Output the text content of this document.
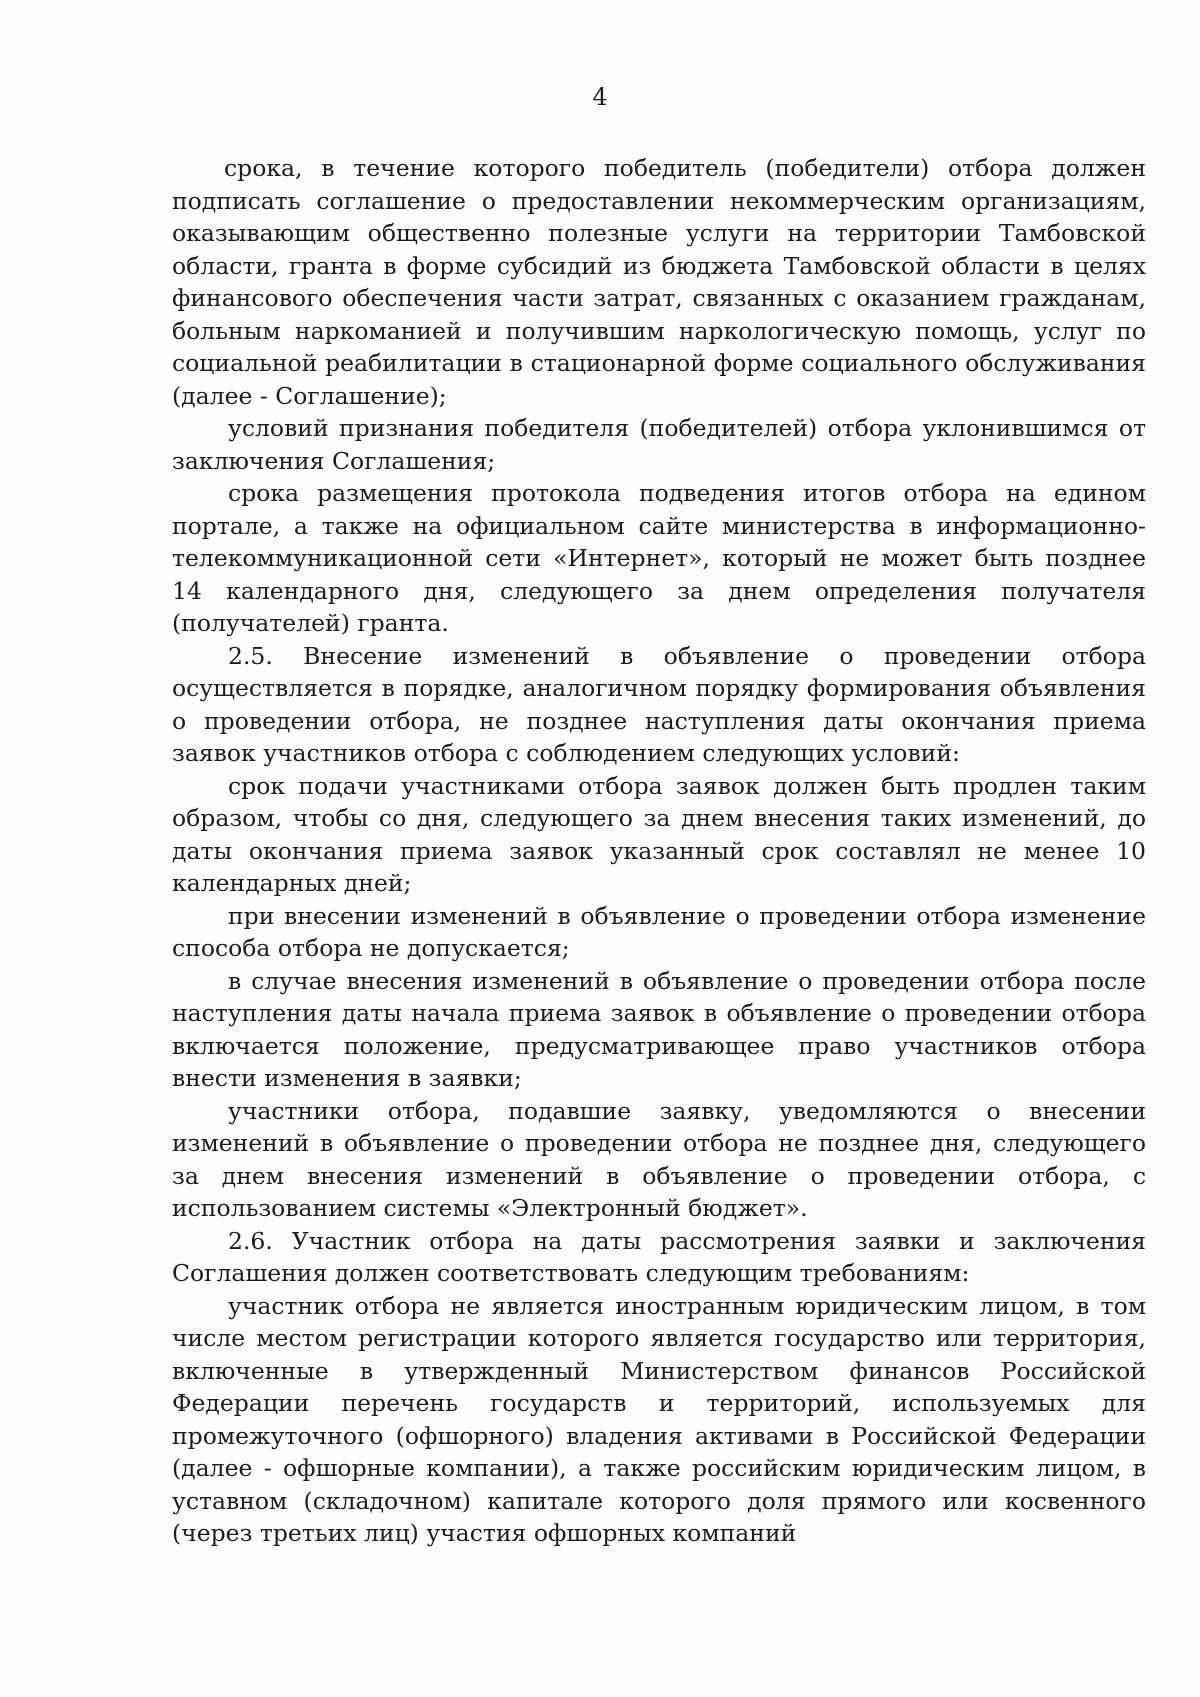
4

срока, в течение которого победитель (победители) отбора должен подписать соглашение о предоставлении некоммерческим организациям, оказывающим общественно полезные услуги на территории Тамбовской области, гранта в форме субсидий из бюджета Тамбовской области в целях финансового обеспечения части затрат, связанных с оказанием гражданам, больным наркоманией и получившим наркологическую помощь, услуг по социальной реабилитации в стационарной форме социального обслуживания (далее - Соглашение);

условий признания победителя (победителей) отбора уклонившимся от заключения Соглашения;

срока размещения протокола подведения итогов отбора на едином портале, а также на официальном сайте министерства в информационно-телекоммуникационной сети «Интернет», который не может быть позднее 14 календарного дня, следующего за днем определения получателя (получателей) гранта.

2.5. Внесение изменений в объявление о проведении отбора осуществляется в порядке, аналогичном порядку формирования объявления о проведении отбора, не позднее наступления даты окончания приема заявок участников отбора с соблюдением следующих условий:

срок подачи участниками отбора заявок должен быть продлен таким образом, чтобы со дня, следующего за днем внесения таких изменений, до даты окончания приема заявок указанный срок составлял не менее 10 календарных дней;

при внесении изменений в объявление о проведении отбора изменение способа отбора не допускается;

в случае внесения изменений в объявление о проведении отбора после наступления даты начала приема заявок в объявление о проведении отбора включается положение, предусматривающее право участников отбора внести изменения в заявки;

участники отбора, подавшие заявку, уведомляются о внесении изменений в объявление о проведении отбора не позднее дня, следующего за днем внесения изменений в объявление о проведении отбора, с использованием системы «Электронный бюджет».

2.6. Участник отбора на даты рассмотрения заявки и заключения Соглашения должен соответствовать следующим требованиям:

участник отбора не является иностранным юридическим лицом, в том числе местом регистрации которого является государство или территория, включенные в утвержденный Министерством финансов Российской Федерации перечень государств и территорий, используемых для промежуточного (офшорного) владения активами в Российской Федерации (далее - офшорные компании), а также российским юридическим лицом, в уставном (складочном) капитале которого доля прямого или косвенного (через третьих лиц) участия офшорных компаний
